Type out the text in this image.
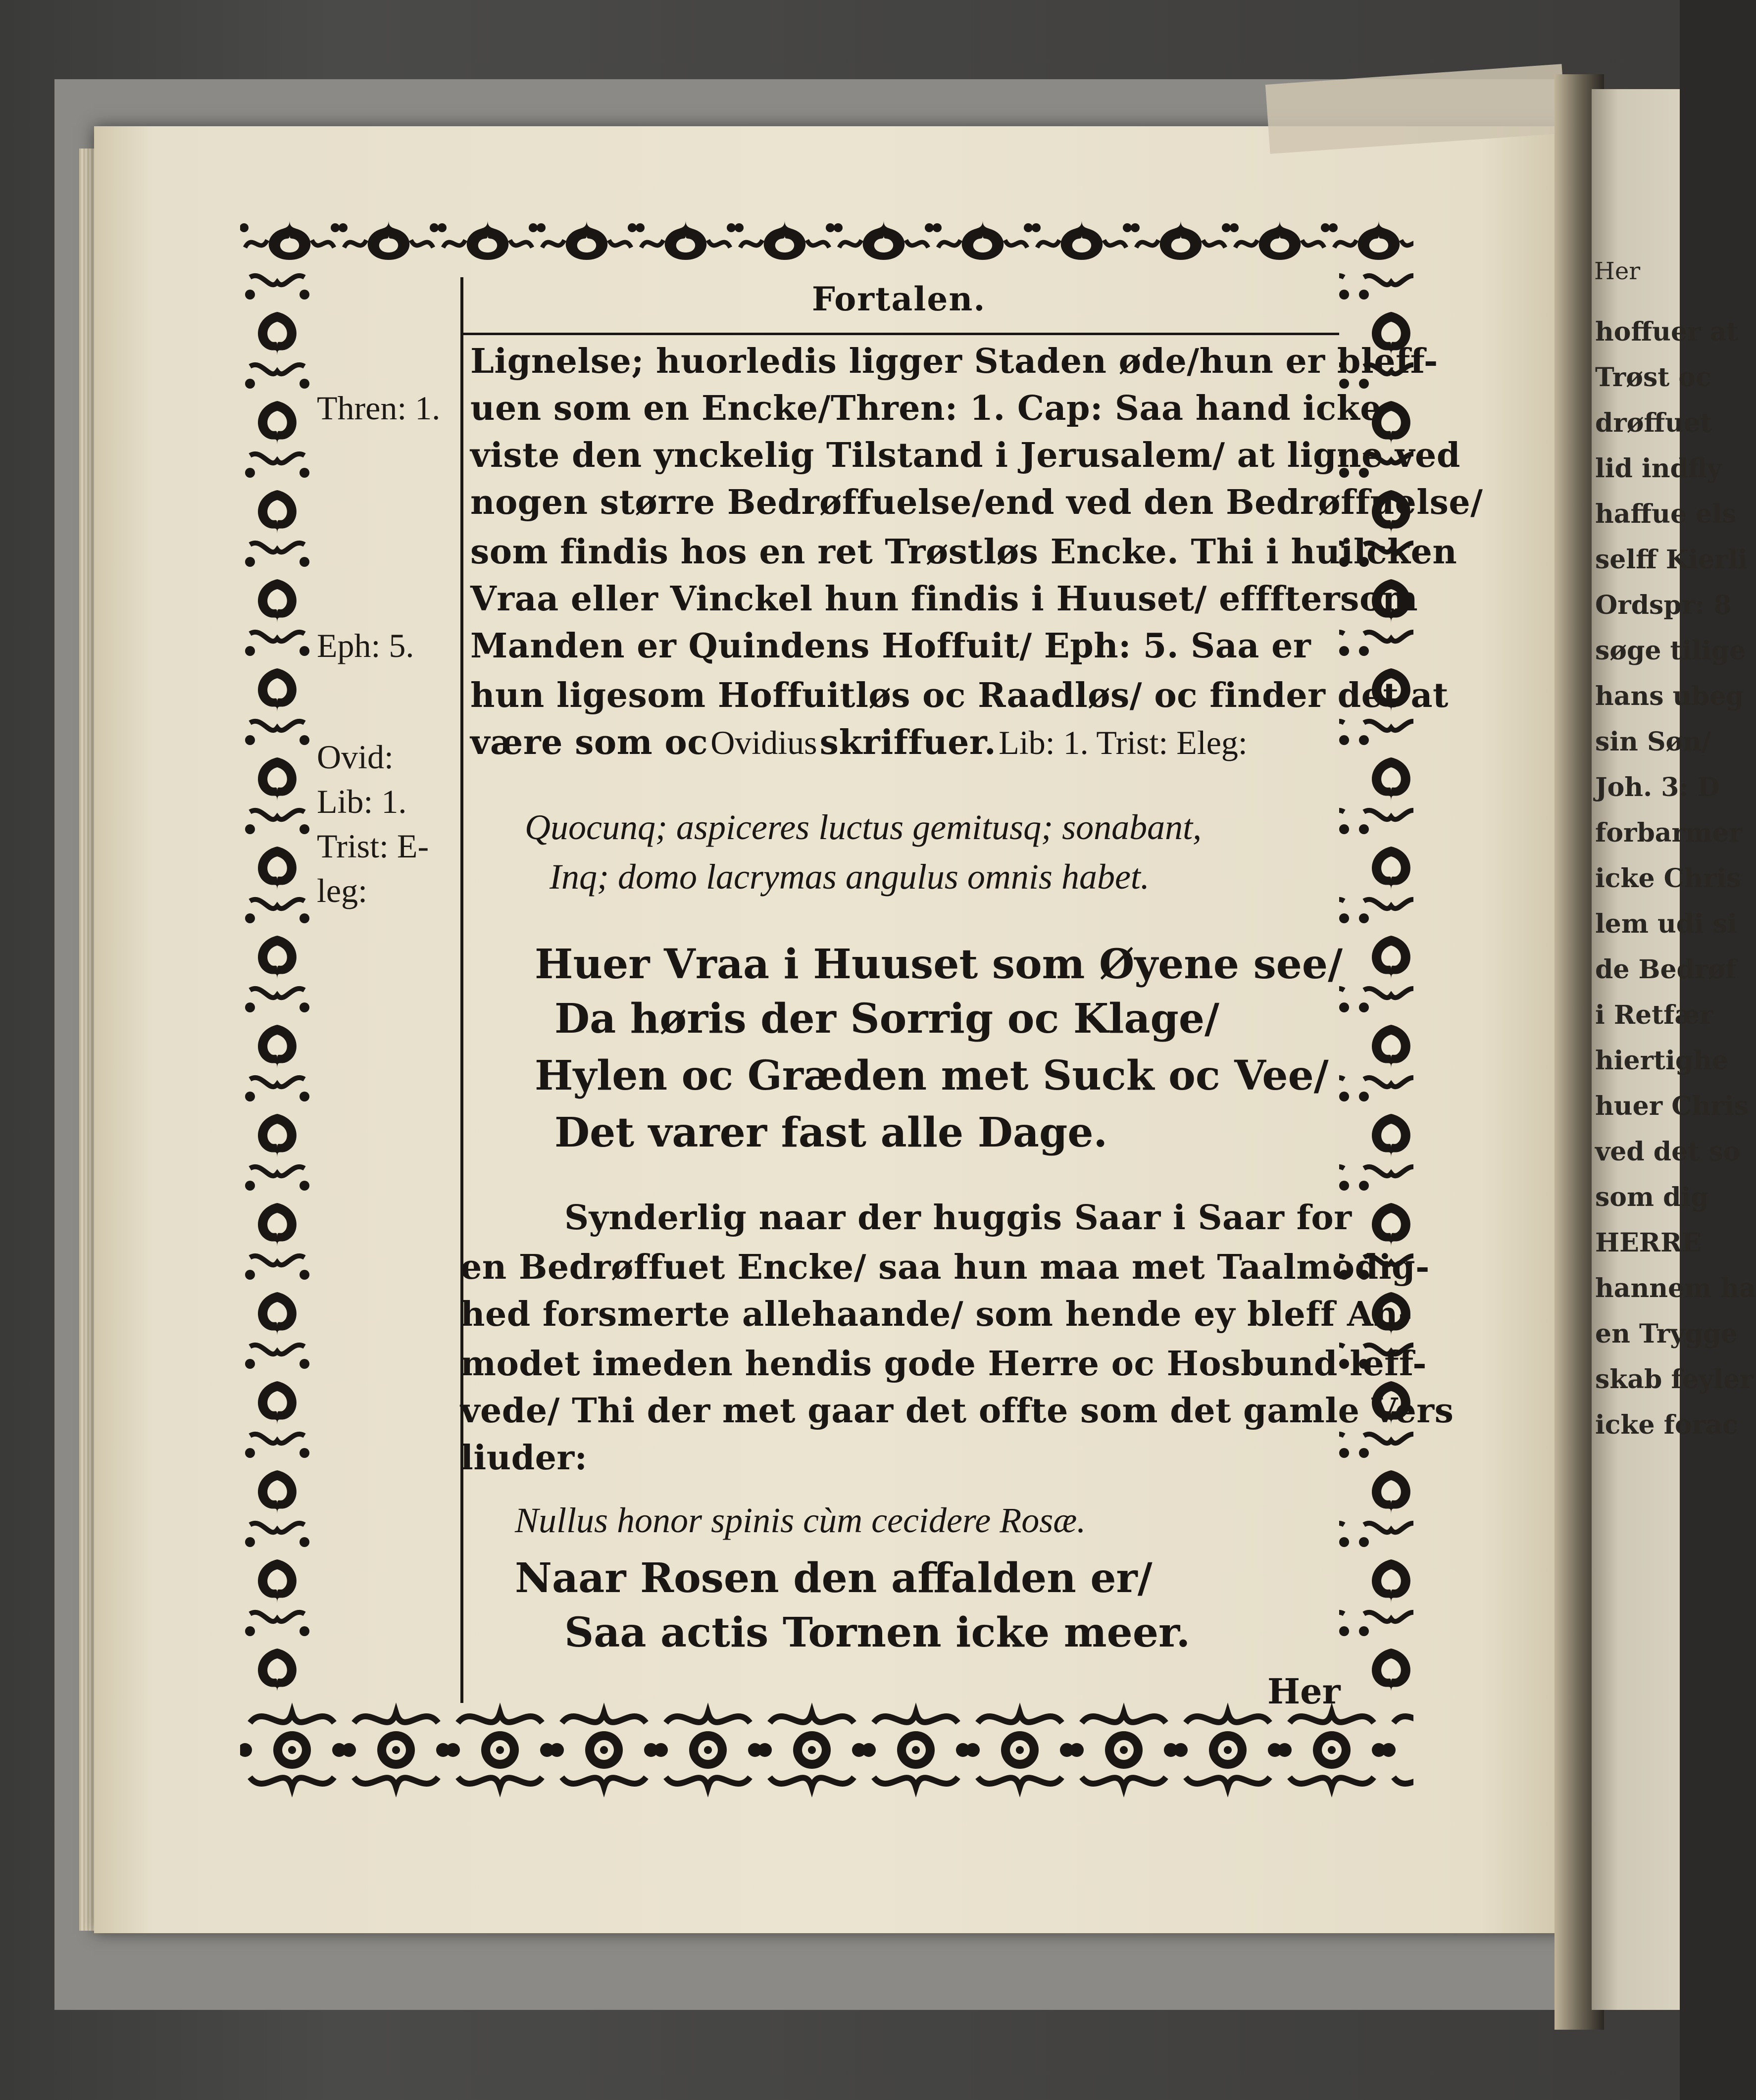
Her
hoffuer at
Trøst oc
drøffuet
lid indfly
haffue els
selff Kierli
Ordspr: 8
søge tilige
hans ubeg
sin Søn/
Joh. 3: D
forbarmer
icke Chris
lem udi si
de Bedrøf
i Retfær
hiertighe
huer Chris
ved det so
som dig
HERRE
hannem ha
en Trygge
skab feyler
icke forac
Fortalen.
Thren: 1.
Eph: 5.
Ovid:
Lib: 1.
Trist: E-
leg:
Lignelse; huorledis ligger Staden øde/hun er bleff-
uen som en Encke/Thren: 1. Cap: Saa hand icke
viste den ynckelig Tilstand i Jerusalem/ at ligne ved
nogen større Bedrøffuelse/end ved den Bedrøffuelse/
som findis hos en ret Trøstløs Encke. Thi i huilcken
Vraa eller Vinckel hun findis i Huuset/ effftersom
Manden er Quindens Hoffuit/ Eph: 5. Saa er
hun ligesom Hoffuitløs oc Raadløs/ oc finder det at
være som oc Ovidius skriffuer. Lib: 1. Trist: Eleg:
Quocunq; aspiceres luctus gemitusq; sonabant,
Inq; domo lacrymas angulus omnis habet.
Huer Vraa i Huuset som Øyene see/
Da høris der Sorrig oc Klage/
Hylen oc Græden met Suck oc Vee/
Det varer fast alle Dage.
Synderlig naar der huggis Saar i Saar for
en Bedrøffuet Encke/ saa hun maa met Taalmodig-
hed forsmerte allehaande/ som hende ey bleff An-
modet imeden hendis gode Herre oc Hosbund leff-
vede/ Thi der met gaar det offte som det gamle Vers
liuder:
Nullus honor spinis cùm cecidere Rosæ.
Naar Rosen den affalden er/
Saa actis Tornen icke meer.
Her
